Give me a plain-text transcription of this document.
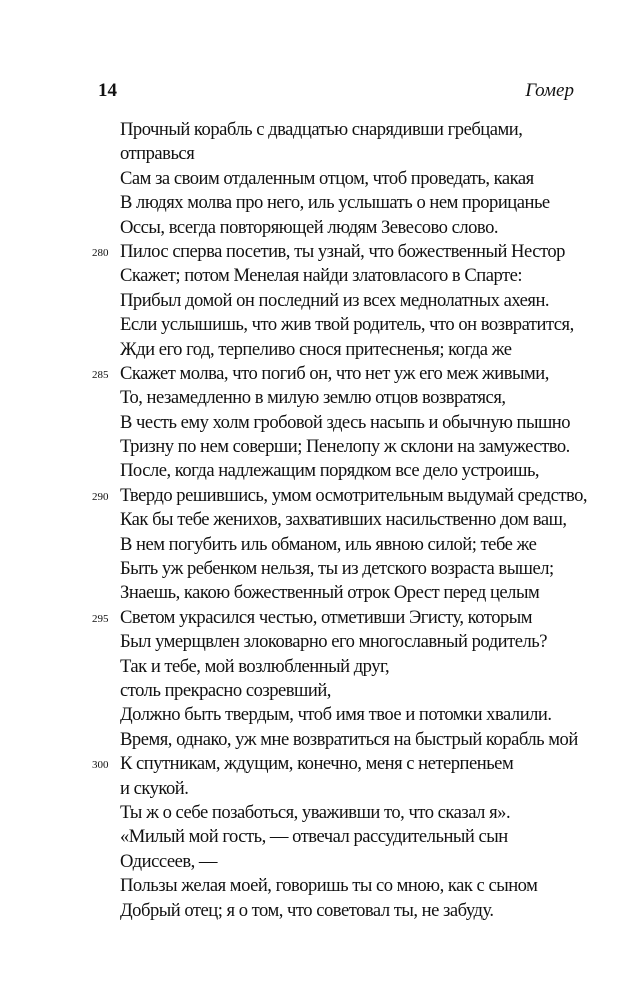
14	Гомер
Прочный корабль с двадцатью снарядивши гребцами,
отправься
Сам за своим отдаленным отцом, чтоб проведать, какая
В людях молва про него, иль услышать о нем прорицанье
Оссы, всегда повторяющей людям Зевесово слово.
280 Пилос сперва посетив, ты узнай, что божественный Нестор
Скажет; потом Менелая найди златовласого в Спарте:
Прибыл домой он последний из всех меднолатных ахеян.
Если услышишь, что жив твой родитель, что он возвратится,
Жди его год, терпеливо снося притесненья; когда же
285 Скажет молва, что погиб он, что нет уж его меж живыми,
То, незамедленно в милую землю отцов возвратяся,
В честь ему холм гробовой здесь насыпь и обычную пышно
Тризну по нем соверши; Пенелопу ж склони на замужество.
После, когда надлежащим порядком все дело устроишь,
290 Твердо решившись, умом осмотрительным выдумай средство,
Как бы тебе женихов, захвативших насильственно дом ваш,
В нем погубить иль обманом, иль явною силой; тебе же
Быть уж ребенком нельзя, ты из детского возраста вышел;
Знаешь, какою божественный отрок Орест перед целым
295 Светом украсился честью, отметивши Эгисту, которым
Был умерщвлен злоковарно его многославный родитель?
Так и тебе, мой возлюбленный друг,
столь прекрасно созревший,
Должно быть твердым, чтоб имя твое и потомки хвалили.
Время, однако, уж мне возвратиться на быстрый корабль мой
300 К спутникам, ждущим, конечно, меня с нетерпеньем
и скукой.
Ты ж о себе позаботься, уваживши то, что сказал я».
«Милый мой гость, — отвечал рассудительный сын
Одиссеев, —
Пользы желая моей, говоришь ты со мною, как с сыном
Добрый отец; я о том, что советовал ты, не забуду.
